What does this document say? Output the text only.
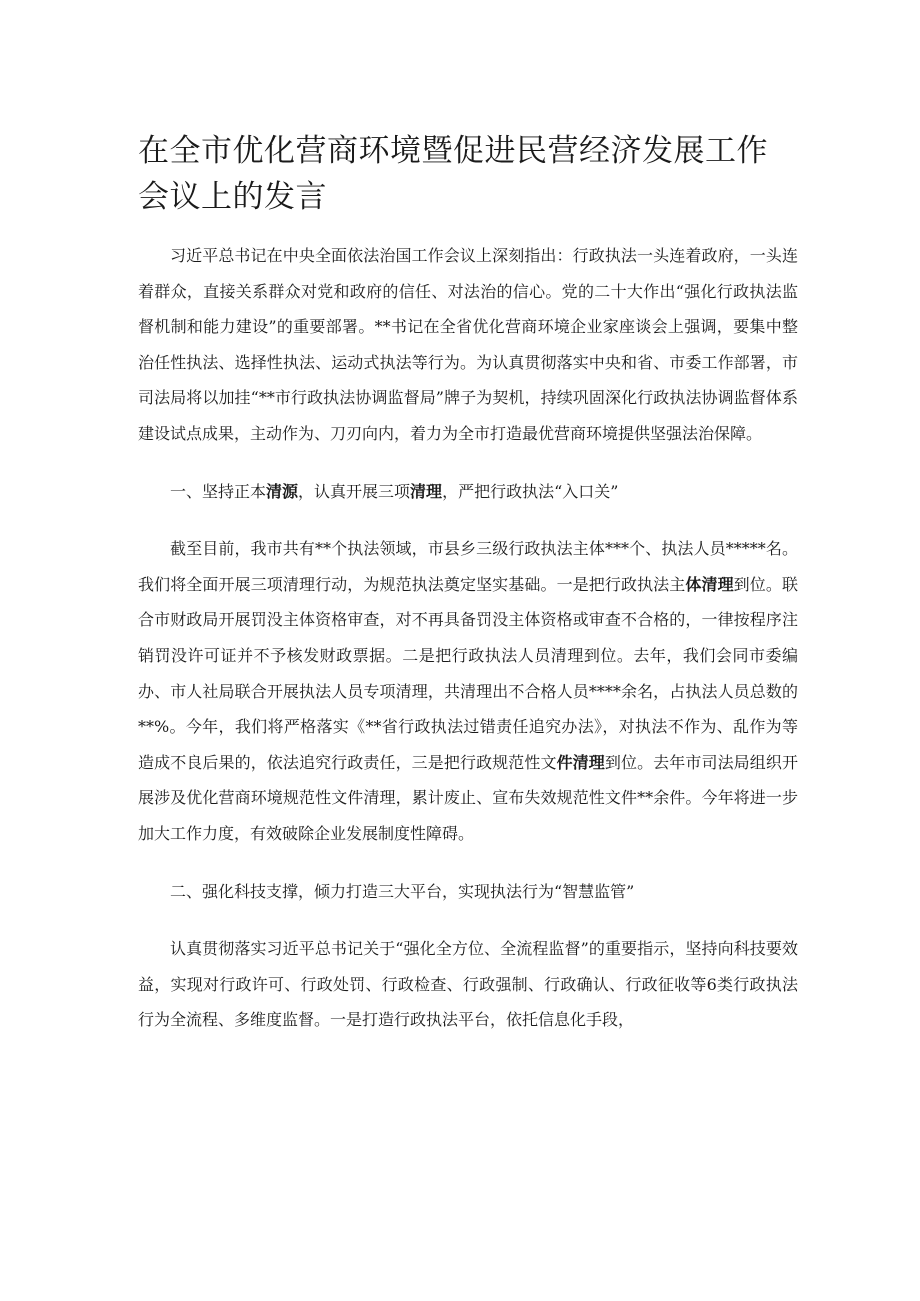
在全市优化营商环境暨促进民营经济发展工作会议上的发言

习近平总书记在中央全面依法治国工作会议上深刻指出：行政执法一头连着政府，一头连着群众，直接关系群众对党和政府的信任、对法治的信心。党的二十大作出“强化行政执法监督机制和能力建设”的重要部署。**书记在全省优化营商环境企业家座谈会上强调，要集中整治任性执法、选择性执法、运动式执法等行为。为认真贯彻落实中央和省、市委工作部署，市司法局将以加挂“**市行政执法协调监督局”牌子为契机，持续巩固深化行政执法协调监督体系建设试点成果，主动作为、刀刃向内，着力为全市打造最优营商环境提供坚强法治保障。

一、坚持正本清源，认真开展三项清理，严把行政执法“入口关”

截至目前，我市共有**个执法领域，市县乡三级行政执法主体***个、执法人员*****名。我们将全面开展三项清理行动，为规范执法奠定坚实基础。一是把行政执法主体清理到位。联合市财政局开展罚没主体资格审查，对不再具备罚没主体资格或审查不合格的，一律按程序注销罚没许可证并不予核发财政票据。二是把行政执法人员清理到位。去年，我们会同市委编办、市人社局联合开展执法人员专项清理，共清理出不合格人员****余名，占执法人员总数的**%。今年，我们将严格落实《**省行政执法过错责任追究办法》，对执法不作为、乱作为等造成不良后果的，依法追究行政责任，三是把行政规范性文件清理到位。去年市司法局组织开展涉及优化营商环境规范性文件清理，累计废止、宣布失效规范性文件**余件。今年将进一步加大工作力度，有效破除企业发展制度性障碍。

二、强化科技支撑，倾力打造三大平台，实现执法行为“智慧监管”

认真贯彻落实习近平总书记关于“强化全方位、全流程监督”的重要指示，坚持向科技要效益，实现对行政许可、行政处罚、行政检查、行政强制、行政确认、行政征收等6类行政执法行为全流程、多维度监督。一是打造行政执法平台，依托信息化手段，
